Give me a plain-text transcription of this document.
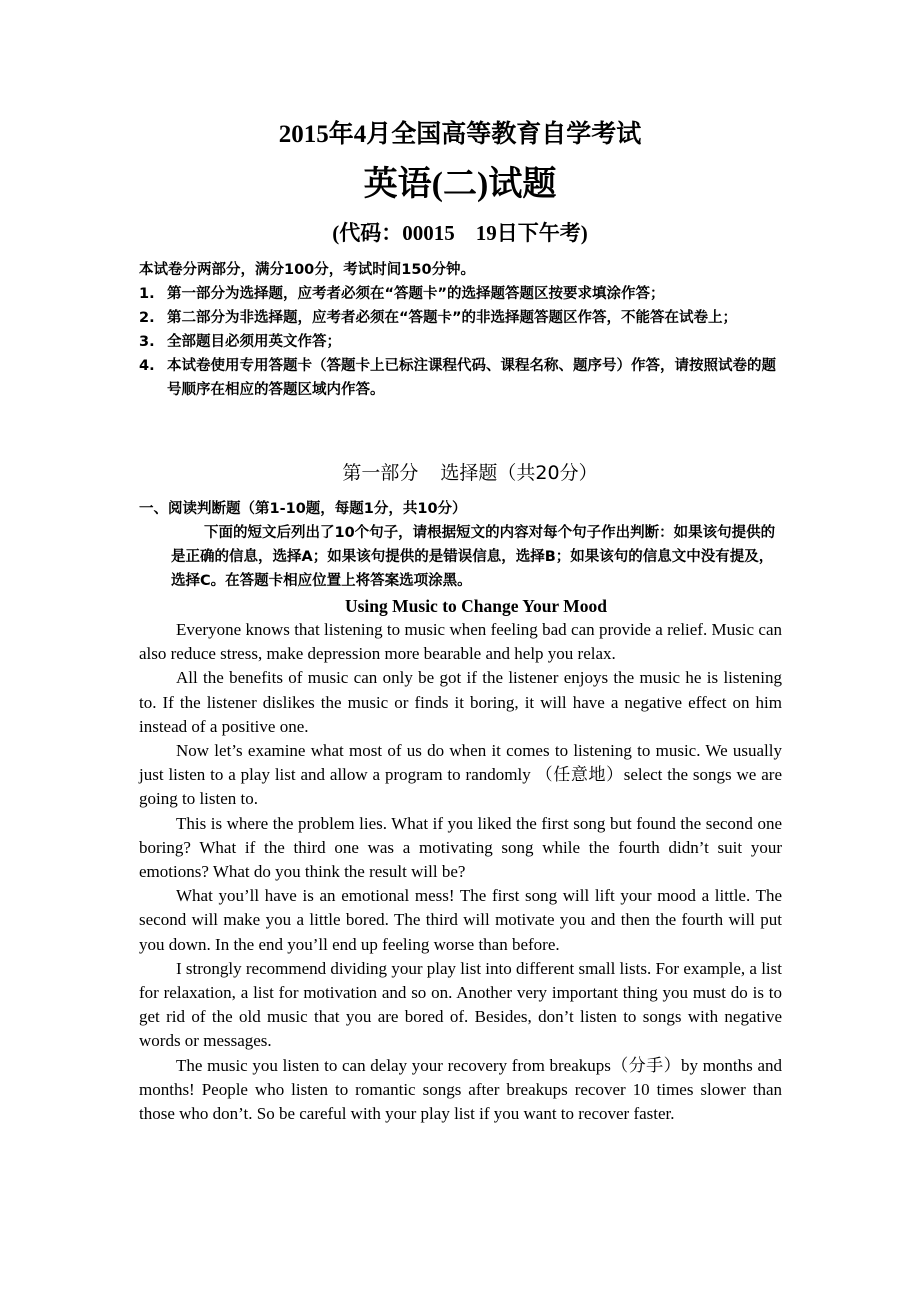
2015年4月全国高等教育自学考试
英语(二)试题
(代码：00015　19日下午考)

本试卷分两部分，满分100分，考试时间150分钟。

1. 第一部分为选择题，应考者必须在“答题卡”的选择题答题区按要求填涂作答；
2. 第二部分为非选择题，应考者必须在“答题卡”的非选择题答题区作答，不能答在试卷上；
3. 全部题目必须用英文作答；
4. 本试卷使用专用答题卡（答题卡上已标注课程代码、课程名称、题序号）作答，请按照试卷的题号顺序在相应的答题区域内作答。
第一部分 选择题（共20分）
一、阅读判断题（第1-10题，每题1分，共10分）
下面的短文后列出了10个句子，请根据短文的内容对每个句子作出判断：如果该句提供的是正确的信息，选择A；如果该句提供的是错误信息，选择B；如果该句的信息文中没有提及，选择C。在答题卡相应位置上将答案选项涂黑。
Using Music to Change Your Mood

Everyone knows that listening to music when feeling bad can provide a relief. Music can also reduce stress, make depression more bearable and help you relax.

All the benefits of music can only be got if the listener enjoys the music he is listening to. If the listener dislikes the music or finds it boring, it will have a negative effect on him instead of a positive one.

Now let’s examine what most of us do when it comes to listening to music. We usually just listen to a play list and allow a program to randomly （任意地）select the songs we are going to listen to.

This is where the problem lies. What if you liked the first song but found the second one boring? What if the third one was a motivating song while the fourth didn’t suit your emotions? What do you think the result will be?

What you’ll have is an emotional mess! The first song will lift your mood a little. The second will make you a little bored. The third will motivate you and then the fourth will put you down. In the end you’ll end up feeling worse than before.

I strongly recommend dividing your play list into different small lists. For example, a list for relaxation, a list for motivation and so on. Another very important thing you must do is to get rid of the old music that you are bored of. Besides, don’t listen to songs with negative words or messages.

The music you listen to can delay your recovery from breakups（分手）by months and months! People who listen to romantic songs after breakups recover 10 times slower than those who don’t. So be careful with your play list if you want to recover faster.
